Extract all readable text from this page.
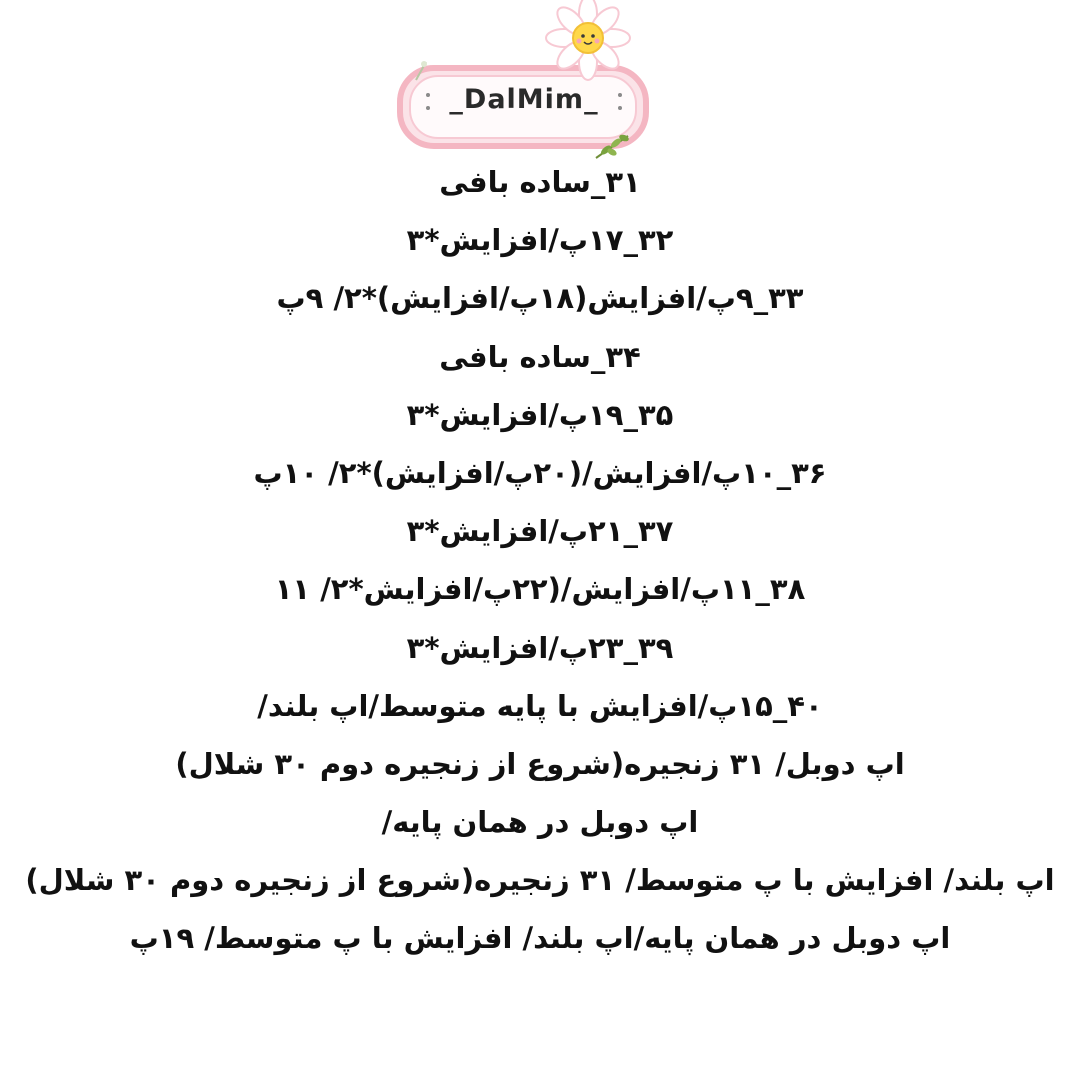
_DalMim_
۳۱_ساده بافی
۳۲_۱۷پ/افزایش*۳
۳۳_۹پ/افزایش(۱۸پ/افزایش)*۲/ ۹پ
۳۴_ساده بافی
۳۵_۱۹پ/افزایش*۳
۳۶_۱۰پ/افزایش/(۲۰پ/افزایش)*۲/ ۱۰پ
۳۷_۲۱پ/افزایش*۳
۳۸_۱۱پ/افزایش/(۲۲پ/افزایش*۲/ ۱۱
۳۹_۲۳پ/افزایش*۳
۴۰_۱۵پ/افزایش با پایه متوسط/اپ بلند/
اپ دوبل/ ۳۱ زنجیره(شروع از زنجیره دوم ۳۰ شلال)
اپ دوبل در همان پایه/
اپ بلند/ افزایش با پ متوسط/ ۳۱ زنجیره(شروع از زنجیره دوم ۳۰ شلال)
اپ دوبل در همان پایه/اپ بلند/ افزایش با پ متوسط/ ۱۹پ
